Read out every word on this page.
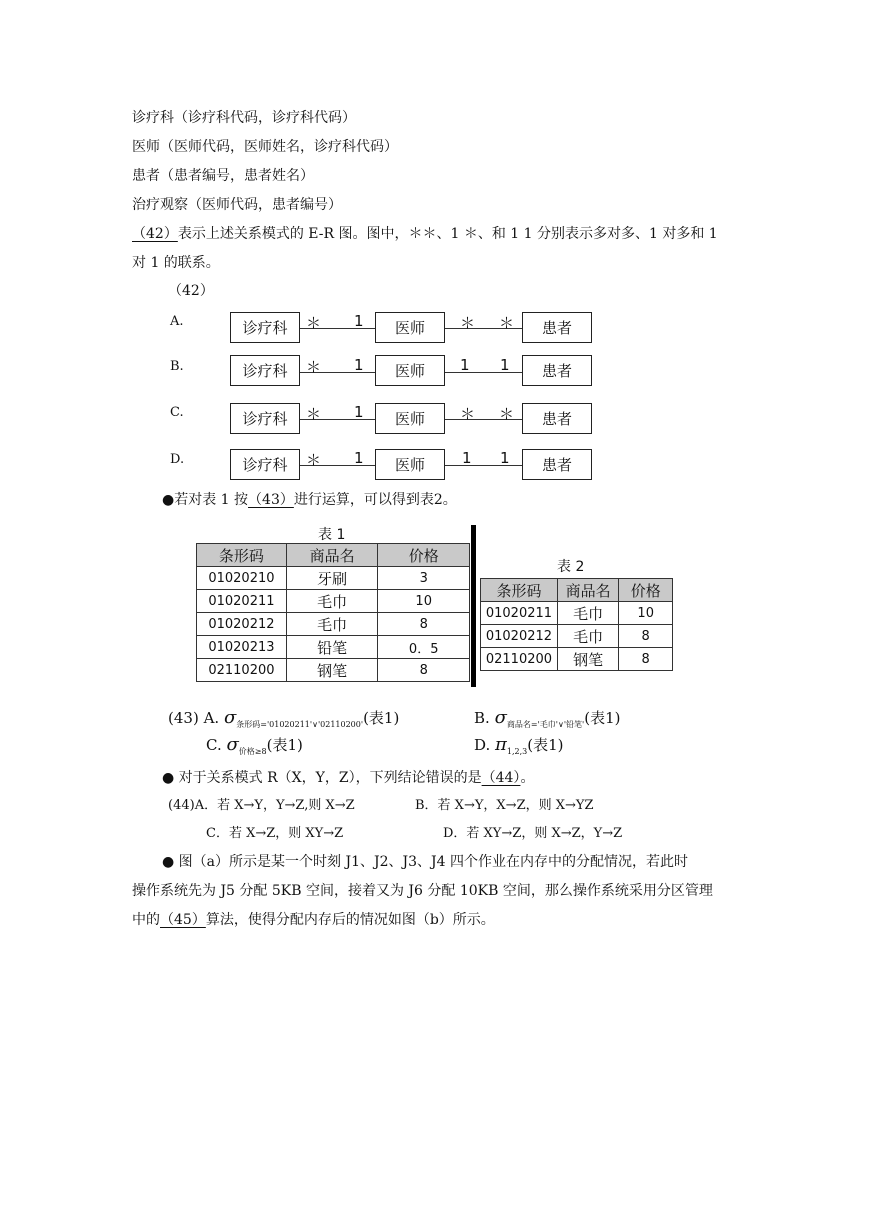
诊疗科（诊疗科代码，诊疗科代码）
医师（医师代码，医师姓名，诊疗科代码）
患者（患者编号，患者姓名）
治疗观察（医师代码，患者编号）
（42）表示上述关系模式的 E-R 图。图中，＊＊、1 ＊、和 1 1 分别表示多对多、1 对多和 1
对 1 的联系。
（42）
A.	诊疗科	＊ 1	医师	＊ ＊	患者
B.	诊疗科	＊ 1	医师	1 1	患者
C.	诊疗科	＊ 1	医师	＊ ＊	患者
D.	诊疗科	＊ 1	医师	1 1	患者
●若对表 1 按（43）进行运算，可以得到表2。
表 1
条形码	商品名	价格
01020210	牙刷	3
01020211	毛巾	10
01020212	毛巾	8
01020213	铅笔	0．5
02110200	钢笔	8
表 2
条形码	商品名	价格
01020211	毛巾	10
01020212	毛巾	8
02110200	钢笔	8
(43) A. $\sigma_{条形码='01020211'\vee'02110200'}$(表1)	B. $\sigma_{商品名='毛巾'\vee'铅笔'}$(表1)
C. $\sigma_{价格\ge 8}$(表1)	D. $\pi_{1,2,3}$(表1)
● 对于关系模式 R（X，Y，Z），下列结论错误的是（44）。
(44)A．若 X→Y，Y→Z,则 X→Z	B．若 X→Y，X→Z，则 X→YZ
C．若 X→Z，则 XY→Z	D．若 XY→Z，则 X→Z，Y→Z
● 图（a）所示是某一个时刻 J1、J2、J3、J4 四个作业在内存中的分配情况，若此时
操作系统先为 J5 分配 5KB 空间，接着又为 J6 分配 10KB 空间，那么操作系统采用分区管理
中的（45）算法，使得分配内存后的情况如图（b）所示。
